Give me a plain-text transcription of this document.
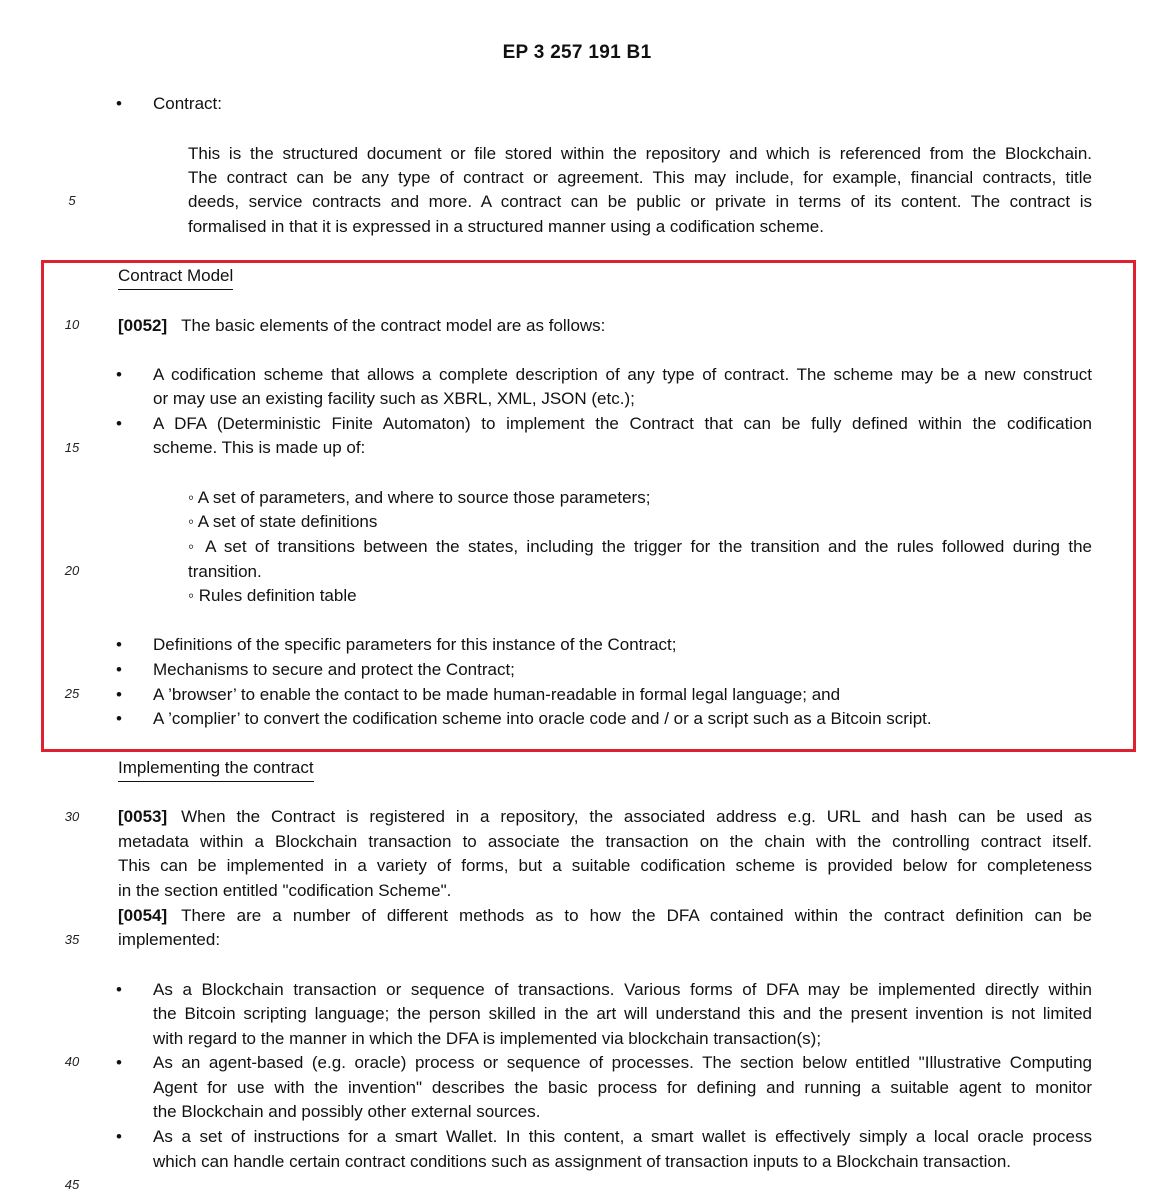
EP 3 257 191 B1
5
10
15
20
25
30
35
40
45
• Contract:
This is the structured document or file stored within the repository and which is referenced from the Blockchain.
The contract can be any type of contract or agreement. This may include, for example, financial contracts, title
deeds, service contracts and more. A contract can be public or private in terms of its content. The contract is
formalised in that it is expressed in a structured manner using a codification scheme.
Contract Model
[0052] The basic elements of the contract model are as follows:
• A codification scheme that allows a complete description of any type of contract. The scheme may be a new construct
or may use an existing facility such as XBRL, XML, JSON (etc.);
• A DFA (Deterministic Finite Automaton) to implement the Contract that can be fully defined within the codification
scheme. This is made up of:
◦ A set of parameters, and where to source those parameters;
◦ A set of state definitions
◦ A set of transitions between the states, including the trigger for the transition and the rules followed during the
transition.
◦ Rules definition table
• Definitions of the specific parameters for this instance of the Contract;
• Mechanisms to secure and protect the Contract;
• A ’browser’ to enable the contact to be made human-readable in formal legal language; and
• A ’complier’ to convert the codification scheme into oracle code and / or a script such as a Bitcoin script.
Implementing the contract
[0053] When the Contract is registered in a repository, the associated address e.g. URL and hash can be used as
metadata within a Blockchain transaction to associate the transaction on the chain with the controlling contract itself.
This can be implemented in a variety of forms, but a suitable codification scheme is provided below for completeness
in the section entitled "codification Scheme".
[0054] There are a number of different methods as to how the DFA contained within the contract definition can be
implemented:
• As a Blockchain transaction or sequence of transactions. Various forms of DFA may be implemented directly within
the Bitcoin scripting language; the person skilled in the art will understand this and the present invention is not limited
with regard to the manner in which the DFA is implemented via blockchain transaction(s);
• As an agent-based (e.g. oracle) process or sequence of processes. The section below entitled "Illustrative Computing
Agent for use with the invention" describes the basic process for defining and running a suitable agent to monitor
the Blockchain and possibly other external sources.
• As a set of instructions for a smart Wallet. In this content, a smart wallet is effectively simply a local oracle process
which can handle certain contract conditions such as assignment of transaction inputs to a Blockchain transaction.
